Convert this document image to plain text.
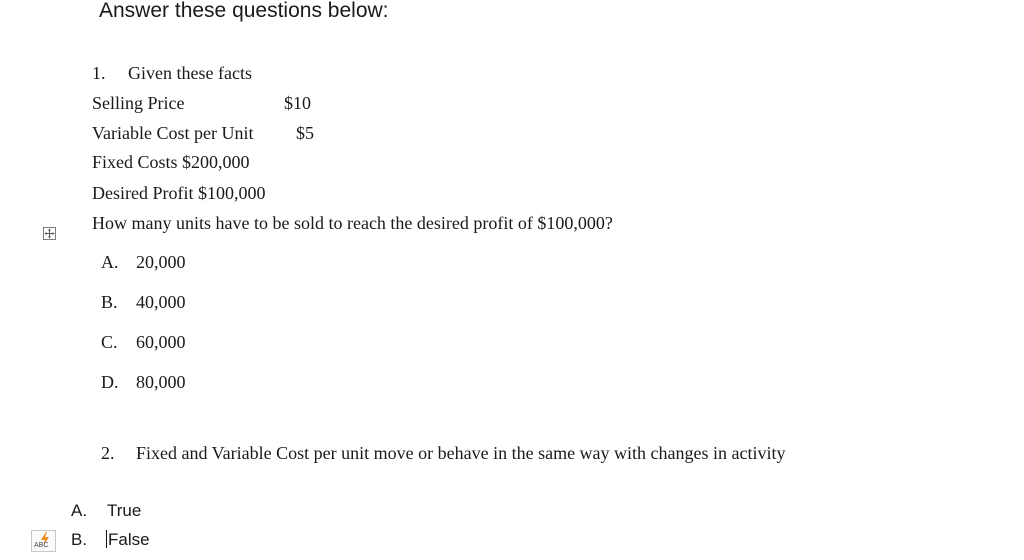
Answer these questions below:
1. Given these facts
Selling Price	$10
Variable Cost per Unit $5
Fixed Costs $200,000
Desired Profit $100,000
How many units have to be sold to reach the desired profit of $100,000?
A. 20,000
B. 40,000
C. 60,000
D. 80,000
2. Fixed and Variable Cost per unit move or behave in the same way with changes in activity
A. True
B. False
ABC
